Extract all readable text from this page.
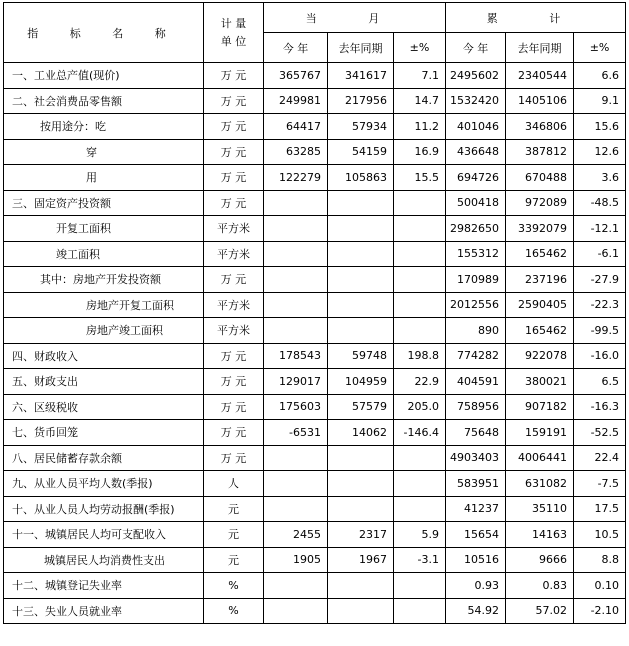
指 标 名 称	计 量
单 位	当 月			累 计		
		今 年	去年同期	±%	今 年	去年同期	±%
一、工业总产值(现价)	万 元	365767	341617	7.1	2495602	2340544	6.6
二、社会消费品零售额	万 元	249981	217956	14.7	1532420	1405106	9.1
按用途分：吃	万 元	64417	57934	11.2	401046	346806	15.6
穿	万 元	63285	54159	16.9	436648	387812	12.6
用	万 元	122279	105863	15.5	694726	670488	3.6
三、固定资产投资额	万 元				500418	972089	-48.5
开复工面积	平方米				2982650	3392079	-12.1
竣工面积	平方米				155312	165462	-6.1
其中：房地产开发投资额	万 元				170989	237196	-27.9
房地产开复工面积	平方米				2012556	2590405	-22.3
房地产竣工面积	平方米				890	165462	-99.5
四、财政收入	万 元	178543	59748	198.8	774282	922078	-16.0
五、财政支出	万 元	129017	104959	22.9	404591	380021	6.5
六、区级税收	万 元	175603	57579	205.0	758956	907182	-16.3
七、货币回笼	万 元	-6531	14062	-146.4	75648	159191	-52.5
八、居民储蓄存款余额	万 元				4903403	4006441	22.4
九、从业人员平均人数(季报)	人				583951	631082	-7.5
十、从业人员人均劳动报酬(季报)	元				41237	35110	17.5
十一、城镇居民人均可支配收入	元	2455	2317	5.9	15654	14163	10.5
城镇居民人均消费性支出	元	1905	1967	-3.1	10516	9666	8.8
十二、城镇登记失业率	%				0.93	0.83	0.10
十三、失业人员就业率	%				54.92	57.02	-2.10
